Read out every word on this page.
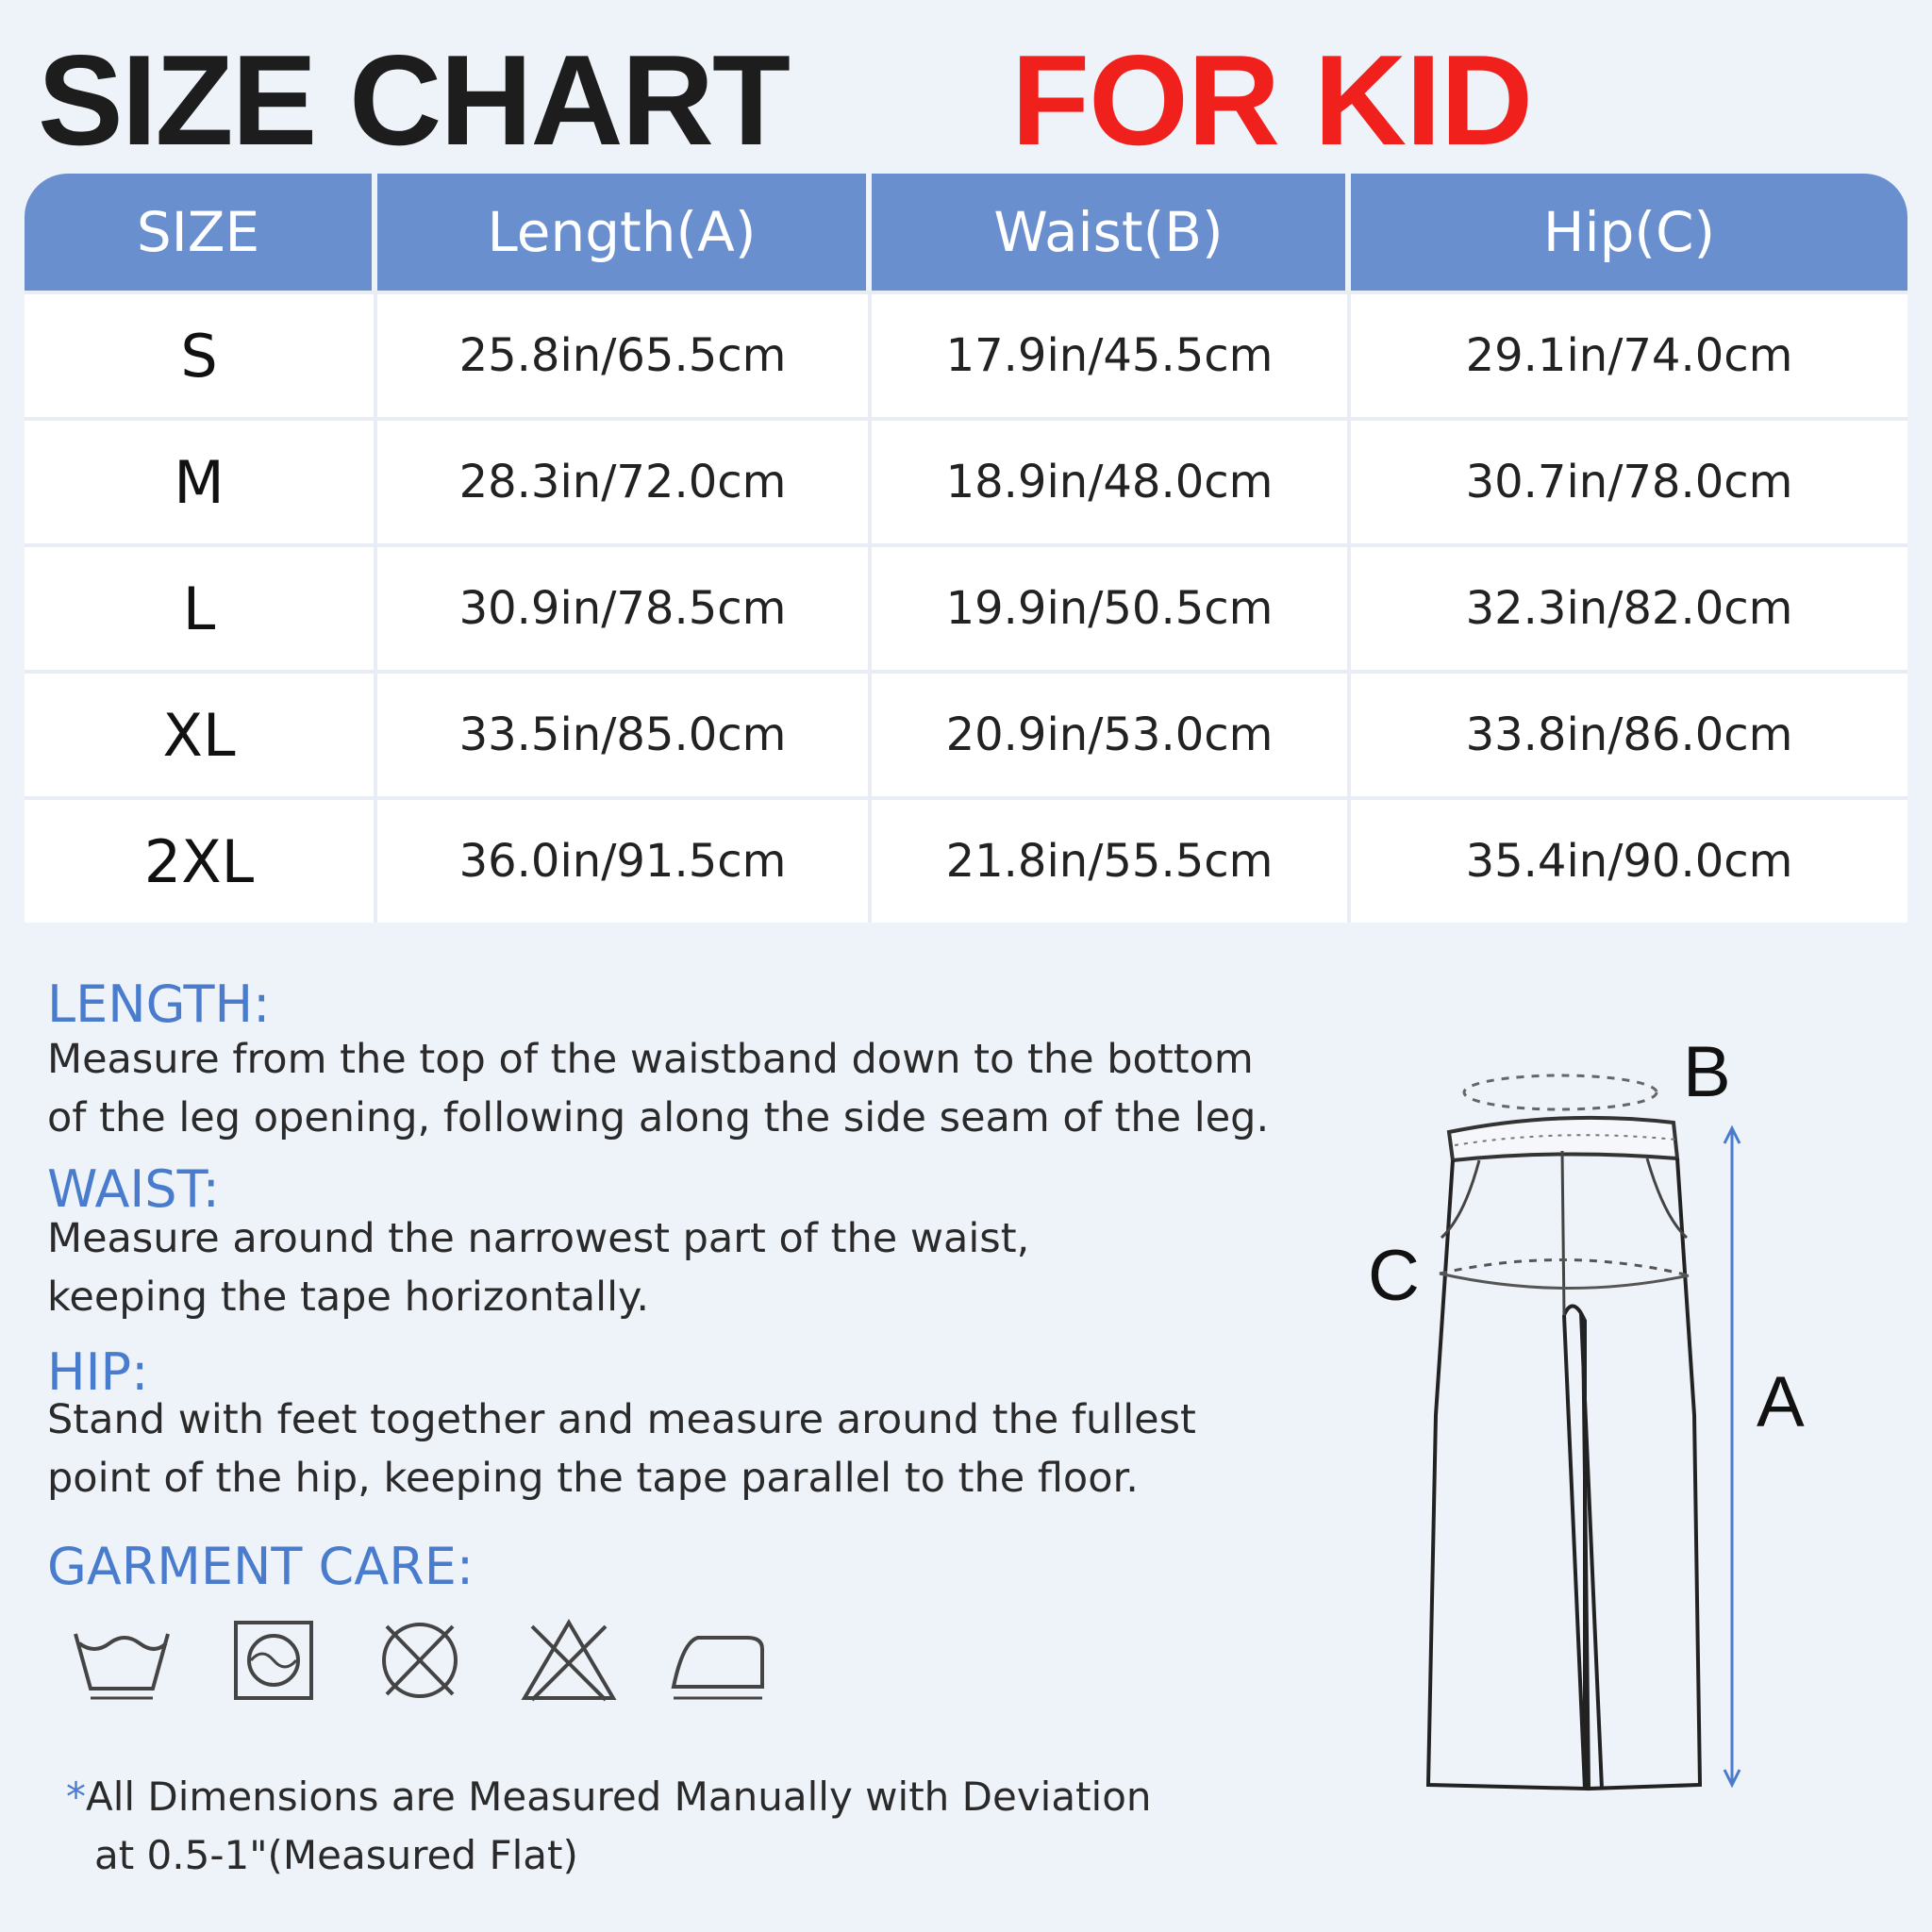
SIZE CHART FOR KID
SIZE	Length(A)	Waist(B)	Hip(C)
S	25.8in/65.5cm	17.9in/45.5cm	29.1in/74.0cm
M	28.3in/72.0cm	18.9in/48.0cm	30.7in/78.0cm
L	30.9in/78.5cm	19.9in/50.5cm	32.3in/82.0cm
XL	33.5in/85.0cm	20.9in/53.0cm	33.8in/86.0cm
2XL	36.0in/91.5cm	21.8in/55.5cm	35.4in/90.0cm
LENGTH:
Measure from the top of the waistband down to the bottom
of the leg opening, following along the side seam of the leg.
WAIST:
Measure around the narrowest part of the waist,
keeping the tape horizontally.
HIP:
Stand with feet together and measure around the fullest
point of the hip, keeping the tape parallel to the floor.
GARMENT CARE:
*All Dimensions are Measured Manually with Deviation
at 0.5-1"(Measured Flat)
B
C
A
